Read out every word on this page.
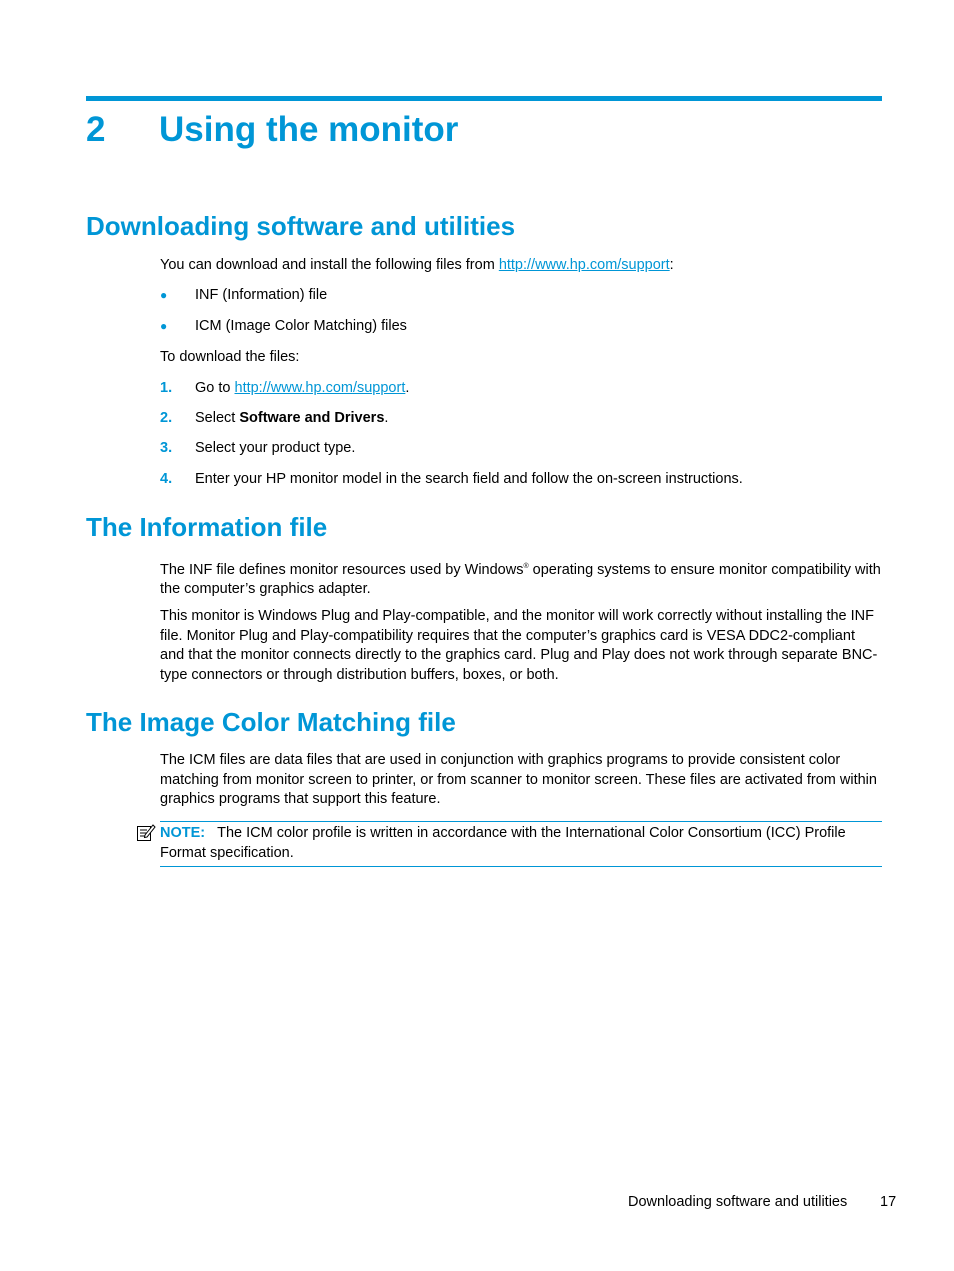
2 Using the monitor
Downloading software and utilities
You can download and install the following files from http://www.hp.com/support:
● INF (Information) file
● ICM (Image Color Matching) files
To download the files:
1. Go to http://www.hp.com/support.
2. Select Software and Drivers.
3. Select your product type.
4. Enter your HP monitor model in the search field and follow the on-screen instructions.
The Information file
The INF file defines monitor resources used by Windows® operating systems to ensure monitor compatibility with the computer’s graphics adapter.
This monitor is Windows Plug and Play-compatible, and the monitor will work correctly without installing the INF file. Monitor Plug and Play-compatibility requires that the computer’s graphics card is VESA DDC2-compliant and that the monitor connects directly to the graphics card. Plug and Play does not work through separate BNC-type connectors or through distribution buffers, boxes, or both.
The Image Color Matching file
The ICM files are data files that are used in conjunction with graphics programs to provide consistent color matching from monitor screen to printer, or from scanner to monitor screen. These files are activated from within graphics programs that support this feature.
NOTE: The ICM color profile is written in accordance with the International Color Consortium (ICC) Profile Format specification.
Downloading software and utilities 17
